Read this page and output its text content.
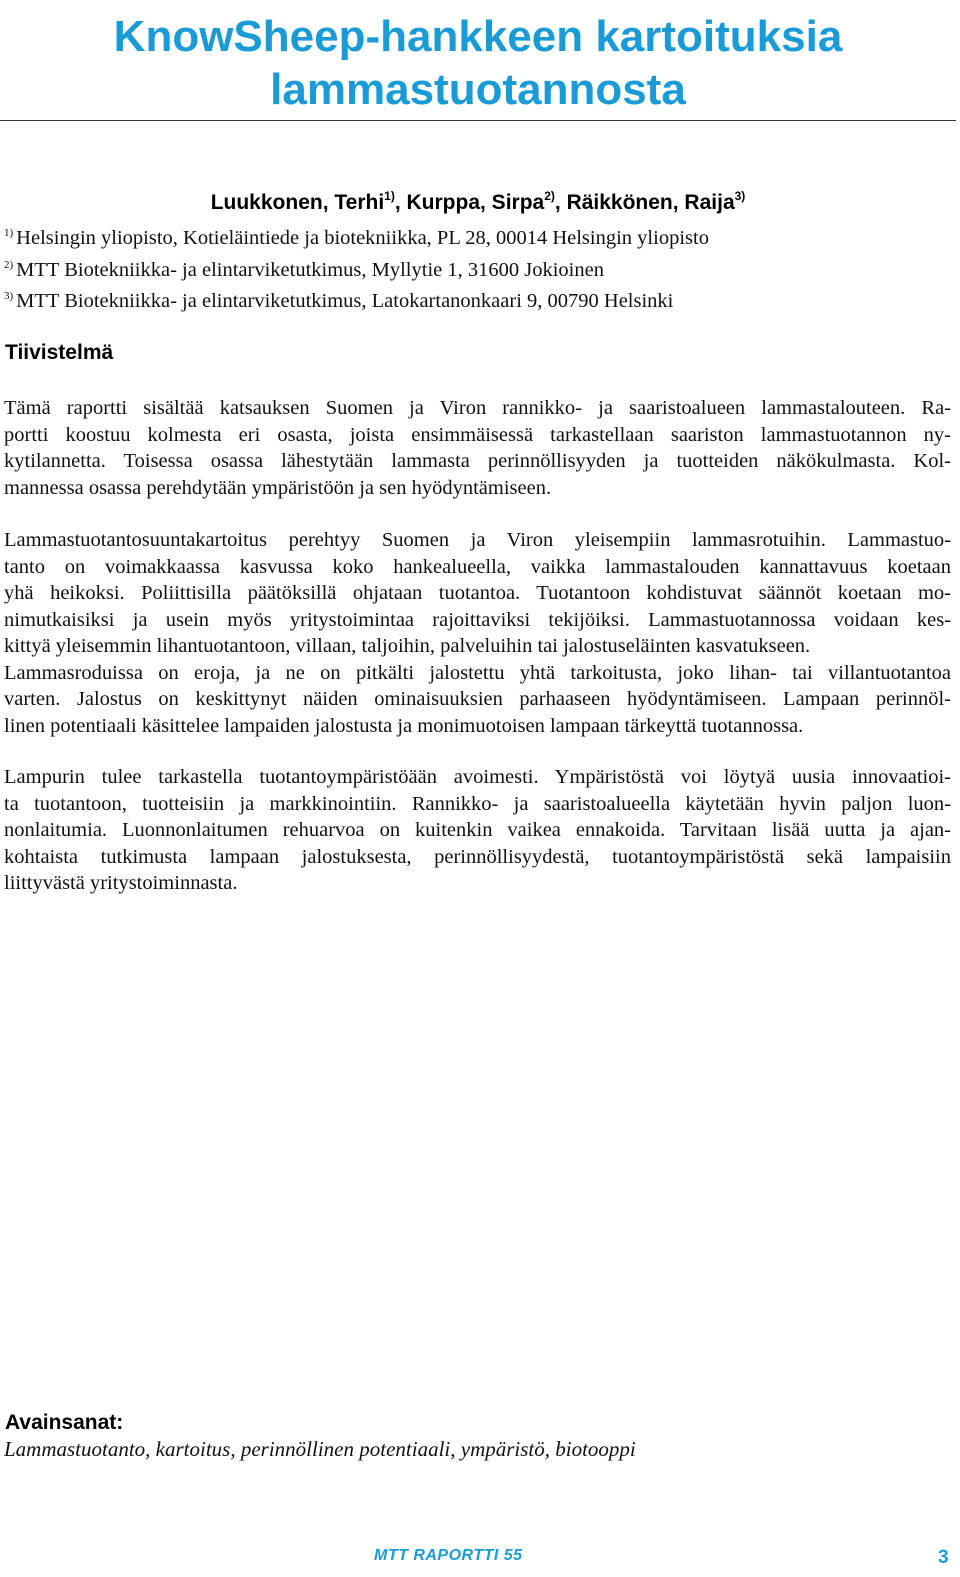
KnowSheep-hankkeen kartoituksia
lammastuotannosta
Luukkonen, Terhi$^{1)}$, Kurppa, Sirpa$^{2)}$, Räikkönen, Raija$^{3)}$
$^{1)}$ Helsingin yliopisto, Kotieläintiede ja biotekniikka, PL 28, 00014 Helsingin yliopisto
$^{2)}$ MTT Biotekniikka- ja elintarviketutkimus, Myllytie 1, 31600 Jokioinen
$^{3)}$ MTT Biotekniikka- ja elintarviketutkimus, Latokartanonkaari 9, 00790 Helsinki
Tiivistelmä
Tämä raportti sisältää katsauksen Suomen ja Viron rannikko- ja saaristoalueen lammastalouteen. Ra-
portti koostuu kolmesta eri osasta, joista ensimmäisessä tarkastellaan saariston lammastuotannon ny-
kytilannetta. Toisessa osassa lähestytään lammasta perinnöllisyyden ja tuotteiden näkökulmasta. Kol-
mannessa osassa perehdytään ympäristöön ja sen hyödyntämiseen.
Lammastuotantosuuntakartoitus perehtyy Suomen ja Viron yleisempiin lammasrotuihin. Lammastuo-
tanto on voimakkaassa kasvussa koko hankealueella, vaikka lammastalouden kannattavuus koetaan
yhä heikoksi. Poliittisilla päätöksillä ohjataan tuotantoa. Tuotantoon kohdistuvat säännöt koetaan mo-
nimutkaisiksi ja usein myös yritystoimintaa rajoittaviksi tekijöiksi. Lammastuotannossa voidaan kes-
kittyä yleisemmin lihantuotantoon, villaan, taljoihin, palveluihin tai jalostuseläinten kasvatukseen.
Lammasroduissa on eroja, ja ne on pitkälti jalostettu yhtä tarkoitusta, joko lihan- tai villantuotantoa
varten. Jalostus on keskittynyt näiden ominaisuuksien parhaaseen hyödyntämiseen. Lampaan perinnöl-
linen potentiaali käsittelee lampaiden jalostusta ja monimuotoisen lampaan tärkeyttä tuotannossa.
Lampurin tulee tarkastella tuotantoympäristöään avoimesti. Ympäristöstä voi löytyä uusia innovaatioi-
ta tuotantoon, tuotteisiin ja markkinointiin. Rannikko- ja saaristoalueella käytetään hyvin paljon luon-
nonlaitumia. Luonnonlaitumen rehuarvoa on kuitenkin vaikea ennakoida. Tarvitaan lisää uutta ja ajan-
kohtaista tutkimusta lampaan jalostuksesta, perinnöllisyydestä, tuotantoympäristöstä sekä lampaisiin
liittyvästä yritystoiminnasta.
Avainsanat:
Lammastuotanto, kartoitus, perinnöllinen potentiaali, ympäristö, biotooppi
MTT RAPORTTI 55	3
